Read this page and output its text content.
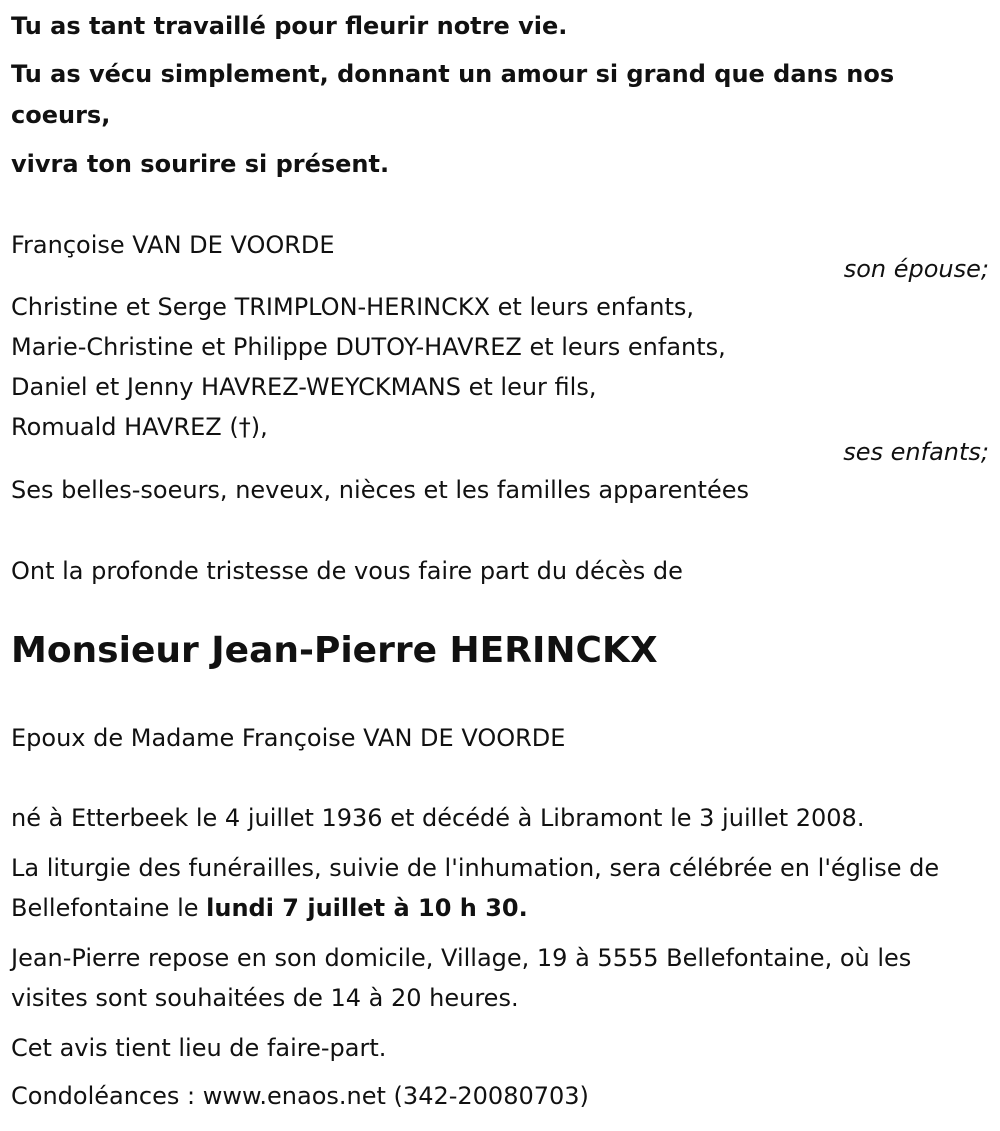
Tu as tant travaillé pour fleurir notre vie.

Tu as vécu simplement, donnant un amour si grand que dans nos coeurs,

vivra ton sourire si présent.

Françoise VAN DE VOORDE
son épouse;
Christine et Serge TRIMPLON-HERINCKX et leurs enfants,
Marie-Christine et Philippe DUTOY-HAVREZ et leurs enfants,
Daniel et Jenny HAVREZ-WEYCKMANS et leur fils,
Romuald HAVREZ (†),
ses enfants;
Ses belles-soeurs, neveux, nièces et les familles apparentées
Ont la profonde tristesse de vous faire part du décès de
Monsieur Jean-Pierre HERINCKX
Epoux de Madame Françoise VAN DE VOORDE
né à Etterbeek le 4 juillet 1936 et décédé à Libramont le 3 juillet 2008.
La liturgie des funérailles, suivie de l'inhumation, sera célébrée en l'église de Bellefontaine le lundi 7 juillet à 10 h 30.
Jean-Pierre repose en son domicile, Village, 19 à 5555 Bellefontaine, où les visites sont souhaitées de 14 à 20 heures.
Cet avis tient lieu de faire-part.
Condoléances : www.enaos.net (342-20080703)
